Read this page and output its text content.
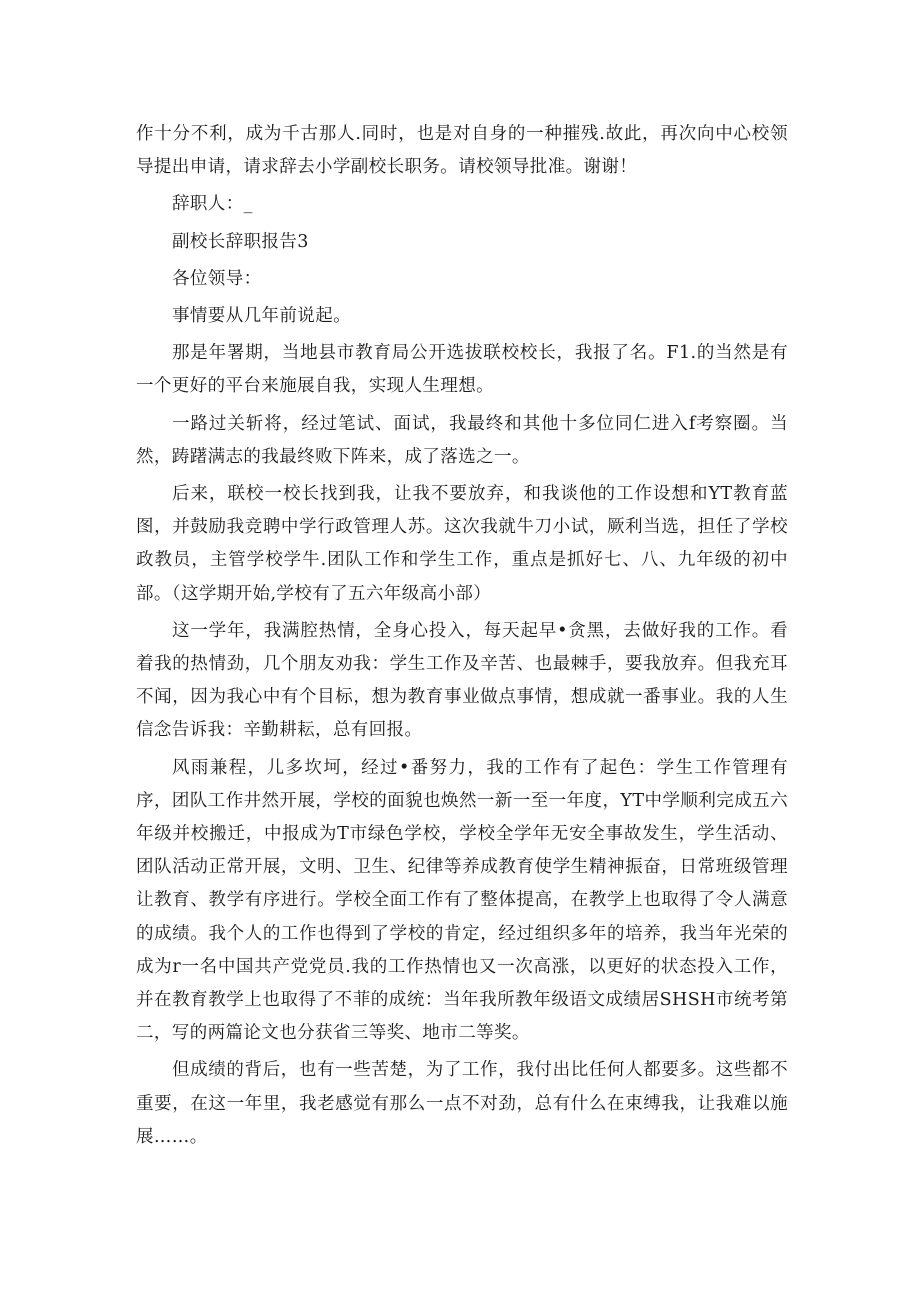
作十分不利，成为千古那人.同时，也是对自身的一种摧残.故此，再次向中心校领导提出申请，请求辞去小学副校长职务。请校领导批准。谢谢！

辞职人：_

副校长辞职报告3

各位领导：

事情要从几年前说起。

那是年署期，当地县市教育局公开选拔联校校长，我报了名。F1.的当然是有一个更好的平台来施展自我，实现人生理想。

一路过关斩将，经过笔试、面试，我最终和其他十多位同仁进入f考察圈。当然，踌躇满志的我最终败下阵来，成了落选之一。

后来，联校一校长找到我，让我不要放弃，和我谈他的工作设想和YT教育蓝图，并鼓励我竞聘中学行政管理人苏。这次我就牛刀小试，厥利当选，担任了学校政教员，主管学校学牛.团队工作和学生工作，重点是抓好七、八、九年级的初中部。（这学期开始,学校有了五六年级高小部）

这一学年，我满腔热情，全身心投入，每天起早•贪黑，去做好我的工作。看着我的热情劲，几个朋友劝我：学生工作及辛苦、也最棘手，要我放弃。但我充耳不闻，因为我心中有个目标，想为教育事业做点事情，想成就一番事业。我的人生信念告诉我：辛勤耕耘，总有回报。

风雨兼程，儿多坎坷，经过•番努力，我的工作有了起色：学生工作管理有序，团队工作井然开展，学校的面貌也焕然一新一至一年度，YT中学顺利完成五六年级并校搬迁，中报成为T市绿色学校，学校全学年无安全事故发生，学生活动、团队活动正常开展，文明、卫生、纪律等养成教育使学生精神振奋，日常班级管理让教育、教学有序进行。学校全面工作有了整体提高，在教学上也取得了令人满意的成绩。我个人的工作也得到了学校的肯定，经过组织多年的培养，我当年光荣的成为r一名中国共产党党员.我的工作热情也又一次高涨，以更好的状态投入工作，并在教育教学上也取得了不菲的成统：当年我所教年级语文成绩居SHSH市统考第二，写的两篇论文也分获省三等奖、地市二等奖。

但成绩的背后，也有一些苦楚，为了工作，我付出比任何人都要多。这些都不重要，在这一年里，我老感觉有那么一点不对劲，总有什么在束缚我，让我难以施展……。
